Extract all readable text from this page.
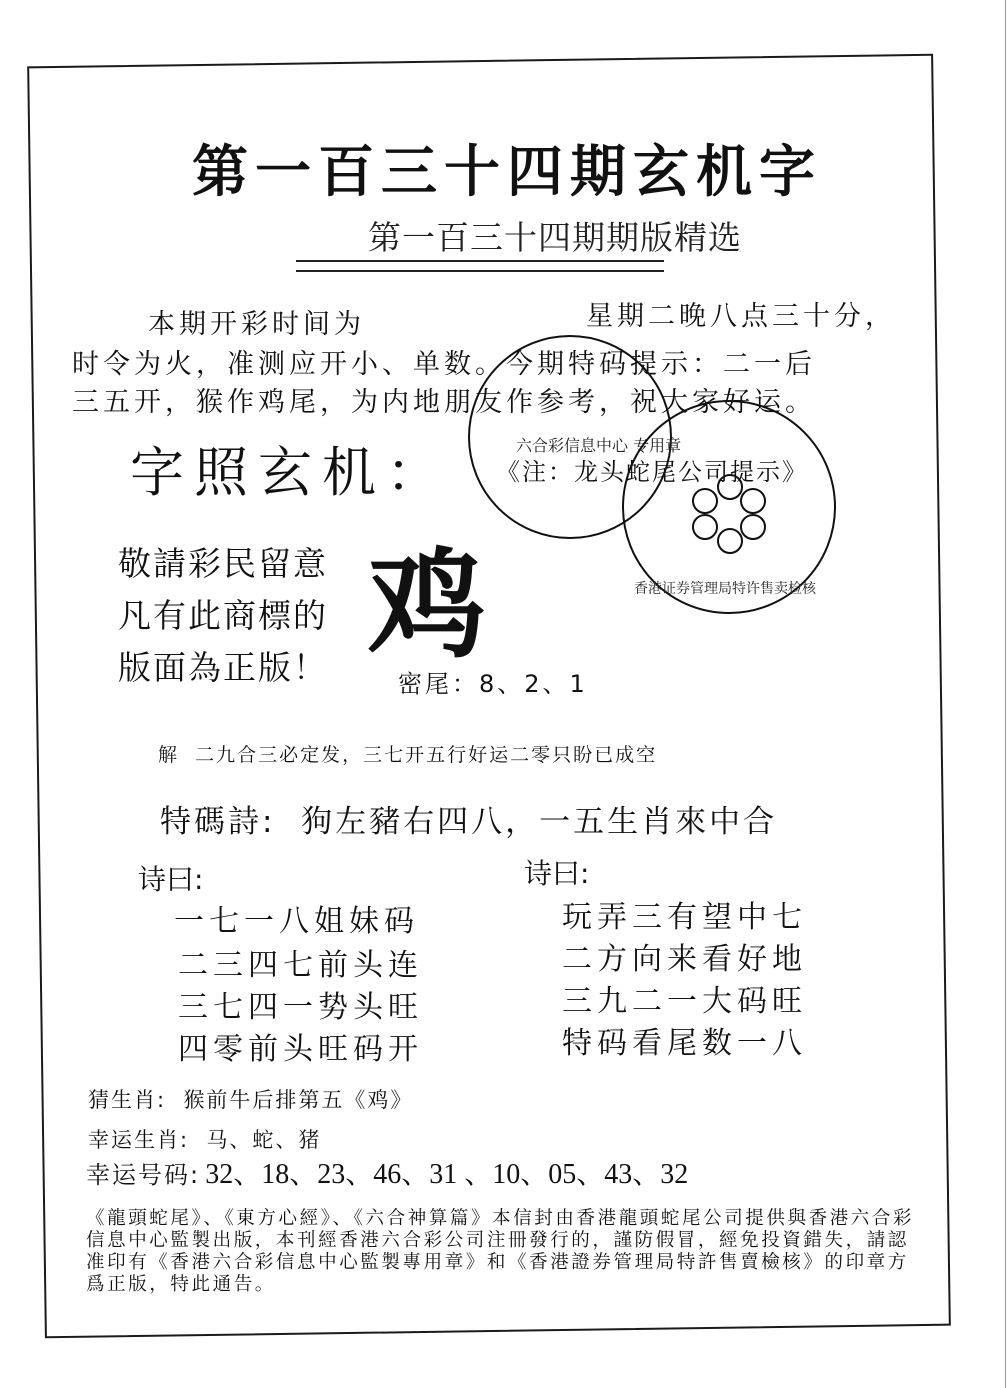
第一百三十四期玄机字
第一百三十四期期版精选
本期开彩时间为	星期二晚八点三十分，
时令为火，准测应开小、单数。今期特码提示：二一后
三五开，猴作鸡尾，为内地朋友作参考，祝大家好运。
《注：龙头蛇尾公司提示》
六合彩信息中心 专用章
香港证券管理局特许售卖检核
字照玄机：
敬請彩民留意
凡有此商標的
版面為正版！ 鸡
密尾：8、2、1
解 二九合三必定发，三七开五行好运二零只盼已成空
特碼詩: 狗左豬右四八，一五生肖來中合
诗曰:
一七一八姐妹码
二三四七前头连
三七四一势头旺
四零前头旺码开
诗曰:
玩弄三有望中七
二方向来看好地
三九二一大码旺
特码看尾数一八
猜生肖: 猴前牛后排第五《鸡》
幸运生肖: 马、蛇、猪
幸运号码: 32、18、23、46、31 、10、05、43、32
《龍頭蛇尾》、《東方心經》、《六合神算篇》本信封由香港龍頭蛇尾公司提供與香港六合彩信息中心監製出版，本刊經香港六合彩公司注冊發行的，謹防假冒，經免投資錯失，請認准印有《香港六合彩信息中心監製專用章》和《香港證券管理局特許售賣檢核》的印章方爲正版，特此通告。
